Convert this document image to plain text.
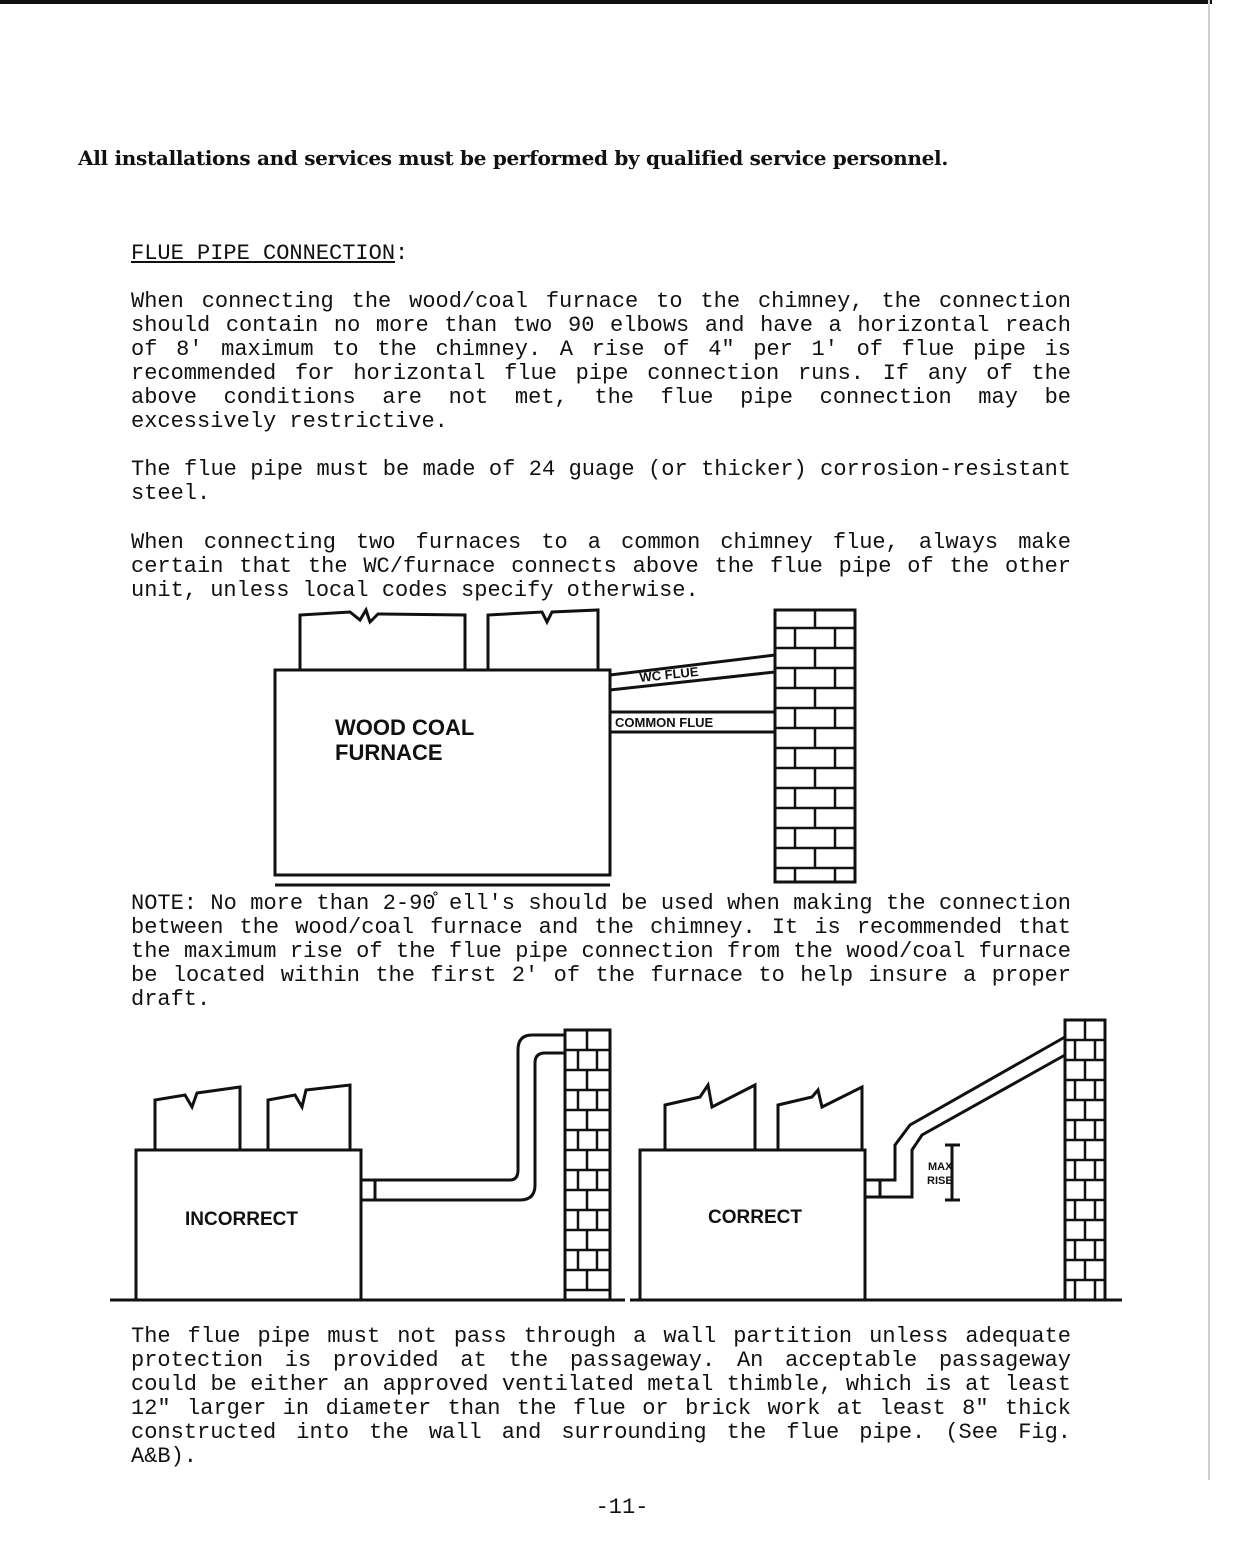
All installations and services must be performed by qualified service personnel.

FLUE PIPE CONNECTION:

When connecting the wood/coal furnace to the chimney, the connection should contain no more than two 90 elbows and have a horizontal reach of 8′ maximum to the chimney. A rise of 4" per 1′ of flue pipe is recommended for horizontal flue pipe connection runs. If any of the above conditions are not met, the flue pipe connection may be excessively restrictive.

The flue pipe must be made of 24 guage (or thicker) corrosion-resistant steel.

When connecting two furnaces to a common chimney flue, always make certain that the WC/furnace connects above the flue pipe of the other unit, unless local codes specify otherwise.

WOOD COAL
FURNACE
WC FLUE
COMMON FLUE

NOTE: No more than 2-90̊ ell′s should be used when making the connection between the wood/coal furnace and the chimney. It is recommended that the maximum rise of the flue pipe connection from the wood/coal furnace be located within the first 2′ of the furnace to help insure a proper draft.

INCORRECT	CORRECT
MAX
RISE

The flue pipe must not pass through a wall partition unless adequate protection is provided at the passageway. An acceptable passageway could be either an approved ventilated metal thimble, which is at least 12" larger in diameter than the flue or brick work at least 8" thick constructed into the wall and surrounding the flue pipe. (See Fig. A&B).

-11-
